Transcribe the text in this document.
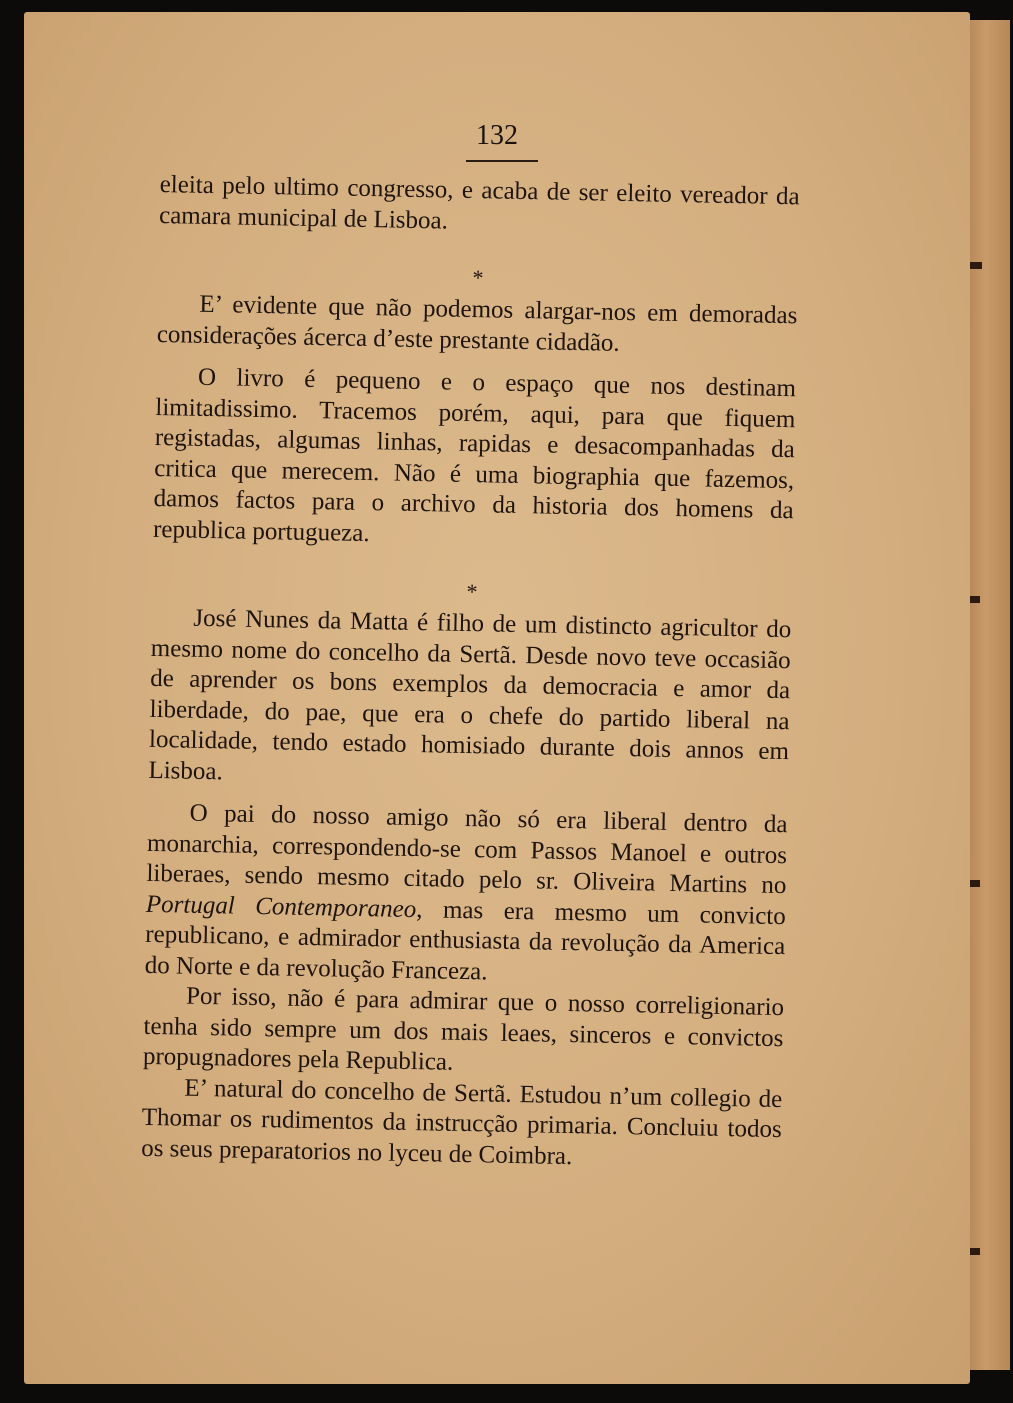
132

eleita pelo ultimo congresso, e acaba de ser eleito vereador da camara municipal de Lisboa.

*

E’ evidente que não podemos alargar-nos em demoradas considerações ácerca d’este prestante cidadão.

O livro é pequeno e o espaço que nos destinam limitadissimo. Tracemos porém, aqui, para que fiquem registadas, algumas linhas, rapidas e desacompanhadas da critica que merecem. Não é uma biographia que fazemos, damos factos para o archivo da historia dos homens da republica portugueza.

*

José Nunes da Matta é filho de um distincto agricultor do mesmo nome do concelho da Sertã. Desde novo teve occasião de aprender os bons exemplos da democracia e amor da liberdade, do pae, que era o chefe do partido liberal na localidade, tendo estado homisiado durante dois annos em Lisboa.

O pai do nosso amigo não só era liberal dentro da monarchia, correspondendo-se com Passos Manoel e outros liberaes, sendo mesmo citado pelo sr. Oliveira Martins no Portugal Contemporaneo, mas era mesmo um convicto republicano, e admirador enthusiasta da revolução da America do Norte e da revolução Franceza.

Por isso, não é para admirar que o nosso correligionario tenha sido sempre um dos mais leaes, sinceros e convictos propugnadores pela Republica.

E’ natural do concelho de Sertã. Estudou n’um collegio de Thomar os rudimentos da instrucção primaria. Concluiu todos os seus preparatorios no lyceu de Coimbra.
